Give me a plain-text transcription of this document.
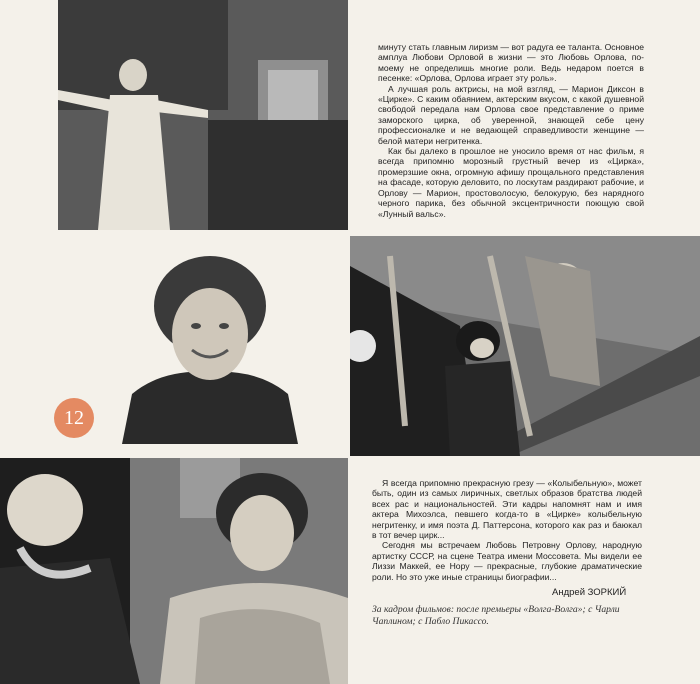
минуту стать главным лиризм — вот радуга ее таланта. Основное амплуа Любови Орловой в жизни — это Любовь Орлова, по-моему не определишь многие роли. Ведь недаром поется в песенке: «Орлова, Орлова играет эту роль».

А лучшая роль актрисы, на мой взгляд, — Марион Диксон в «Цирке». С каким обаянием, актерским вкусом, с какой душевной свободой передала нам Орлова свое представление о приме заморского цирка, об уверенной, знающей себе цену профессионалке и не ведающей справедливости женщине — белой матери негритенка.

Как бы далеко в прошлое не уносило время от нас фильм, я всегда припомню морозный грустный вечер из «Цирка», промерзшие окна, огромную афишу прощального представления на фасаде, которую деловито, по лоскутам раздирают рабочие, и Орлову — Марион, простоволосую, белокурую, без нарядного черного парика, без обычной эксцентричности поющую свой «Лунный вальс».

12

Я всегда припомню прекрасную грезу — «Колыбельную», может быть, один из самых лиричных, светлых образов братства людей всех рас и национальностей. Эти кадры напомнят нам и имя актера Михоэлса, певшего когда-то в «Цирке» колыбельную негритенку, и имя поэта Д. Паттерсона, которого как раз и баюкал в тот вечер цирк...

Сегодня мы встречаем Любовь Петровну Орлову, народную артистку СССР, на сцене Театра имени Моссовета. Мы видели ее Лиззи Маккей, ее Нору — прекрасные, глубокие драматические роли. Но это уже иные страницы биографии...

Андрей ЗОРКИЙ
За кадром фильмов: после премьеры «Волга-Волга»; с Чарли Чаплином; с Пабло Пикассо.
